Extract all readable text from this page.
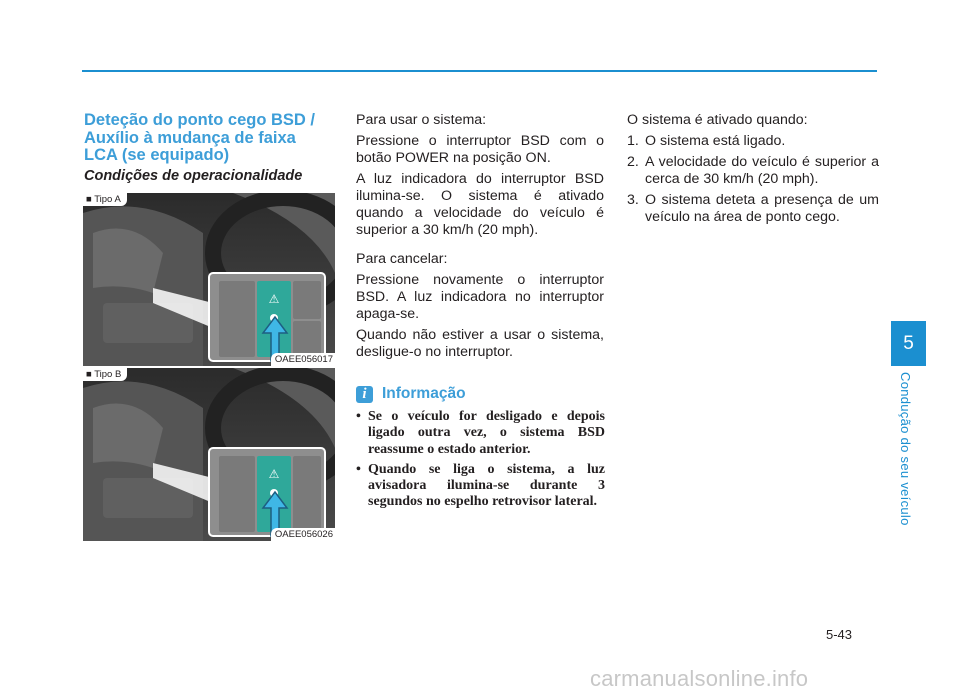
Deteção do ponto cego BSD /
Auxílio à mudança de faixa
LCA (se equipado)
Condições de operacionalidade
⚠
■ Tipo A
OAEE056017
⚠
■ Tipo B
OAEE056026

Para usar o sistema:

Pressione o interruptor BSD com o botão POWER na posição ON.

A luz indicadora do interruptor BSD ilumina-se. O sistema é ativado quando a velocidade do veículo é superior a 30 km/h (20 mph).

Para cancelar:

Pressione novamente o interruptor BSD. A luz indicadora no interruptor apaga-se.

Quando não estiver a usar o sistema, desligue-o no interruptor.

i Informação
• Se o veículo for desligado e depois ligado outra vez, o sistema BSD reassume o estado anterior.
• Quando se liga o sistema, a luz avisadora ilumina-se durante 3 segundos no espelho retrovisor lateral.

O sistema é ativado quando:

1. O sistema está ligado.
2. A velocidade do veículo é superior a cerca de 30 km/h (20 mph).
3. O sistema deteta a presença de um veículo na área de ponto cego.
5
Condução do seu veículo
5-43
carmanualsonline.info
